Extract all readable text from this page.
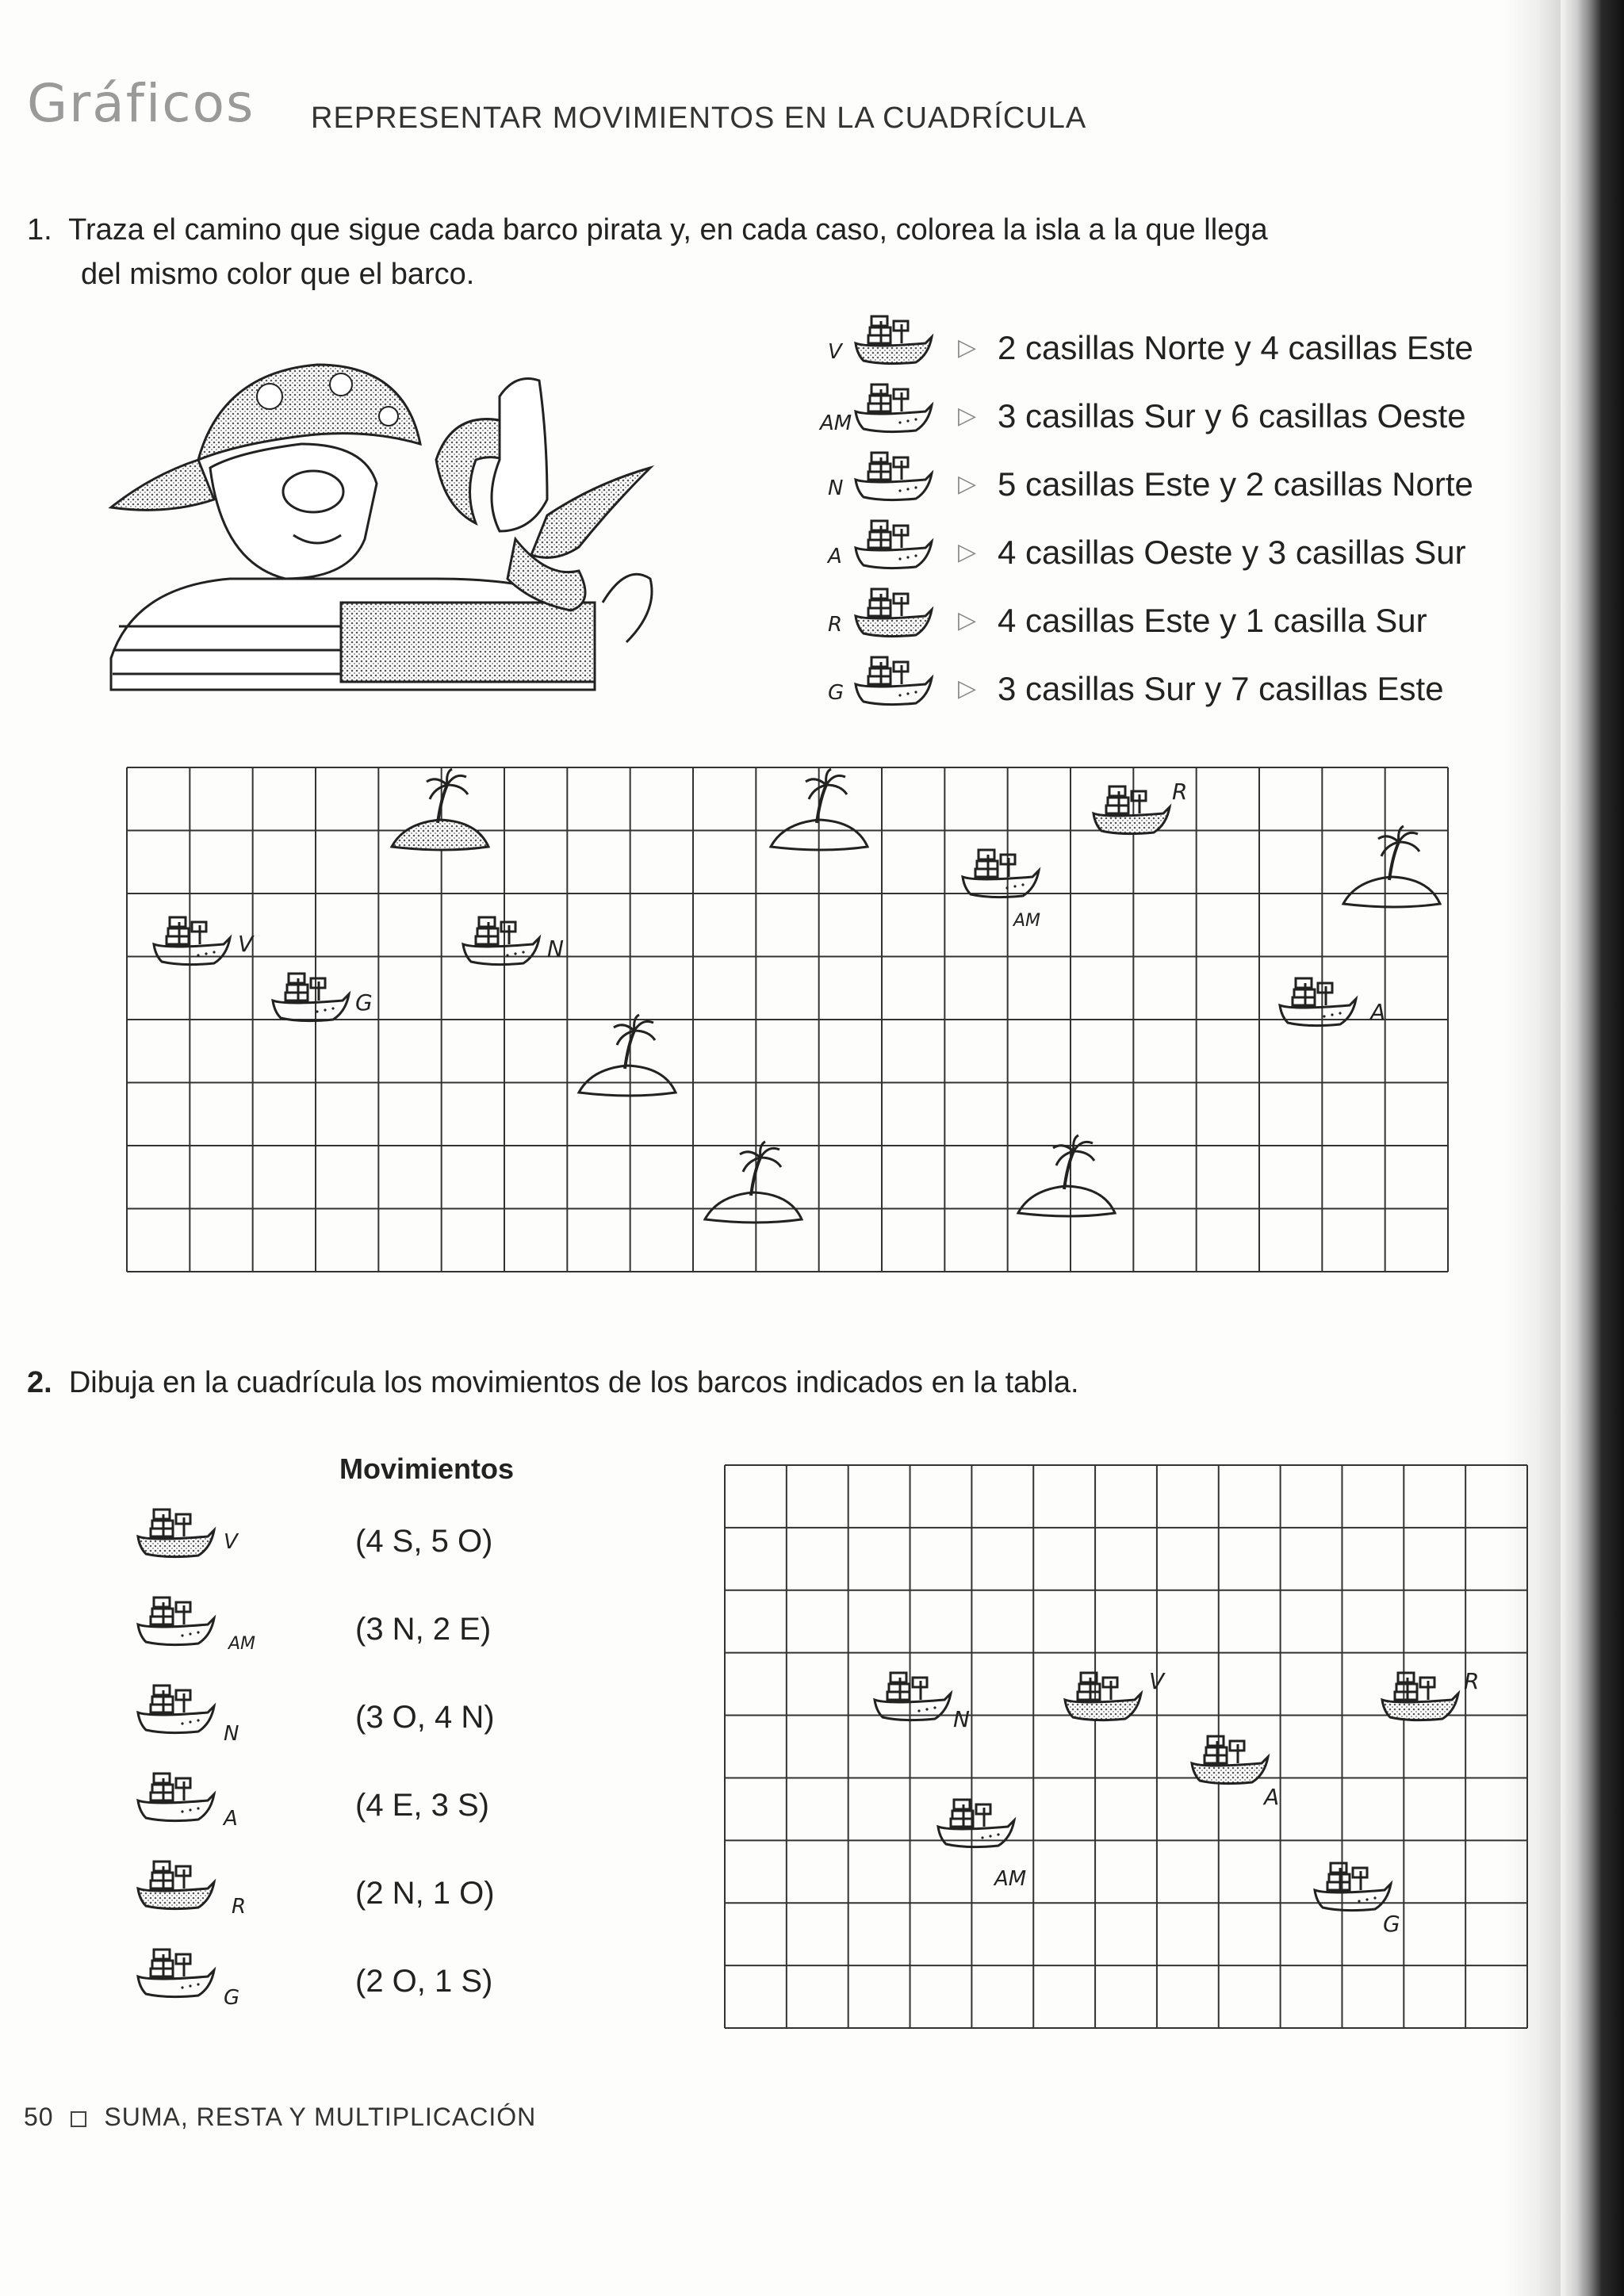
Gráficos REPRESENTAR MOVIMIENTOS EN LA CUADRÍCULA
1. Traza el camino que sigue cada barco pirata y, en cada caso, colorea la isla a la que llega
del mismo color que el barco.
V	▷ 2 casillas Norte y 4 casillas Este
AM	▷ 3 casillas Sur y 6 casillas Oeste
N	▷ 5 casillas Este y 2 casillas Norte
A	▷ 4 casillas Oeste y 3 casillas Sur
R	▷ 4 casillas Este y 1 casilla Sur
G	▷ 3 casillas Sur y 7 casillas Este
R
AM
V	N
G	A
2. Dibuja en la cuadrícula los movimientos de los barcos indicados en la tabla.
Movimientos
V	(4 S, 5 O)
AM	(3 N, 2 E)
N	(3 O, 4 N)
A	(4 E, 3 S)
R	(2 N, 1 O)
G	(2 O, 1 S)
N
V	R
A
AM
G
50 SUMA, RESTA Y MULTIPLICACIÓN
